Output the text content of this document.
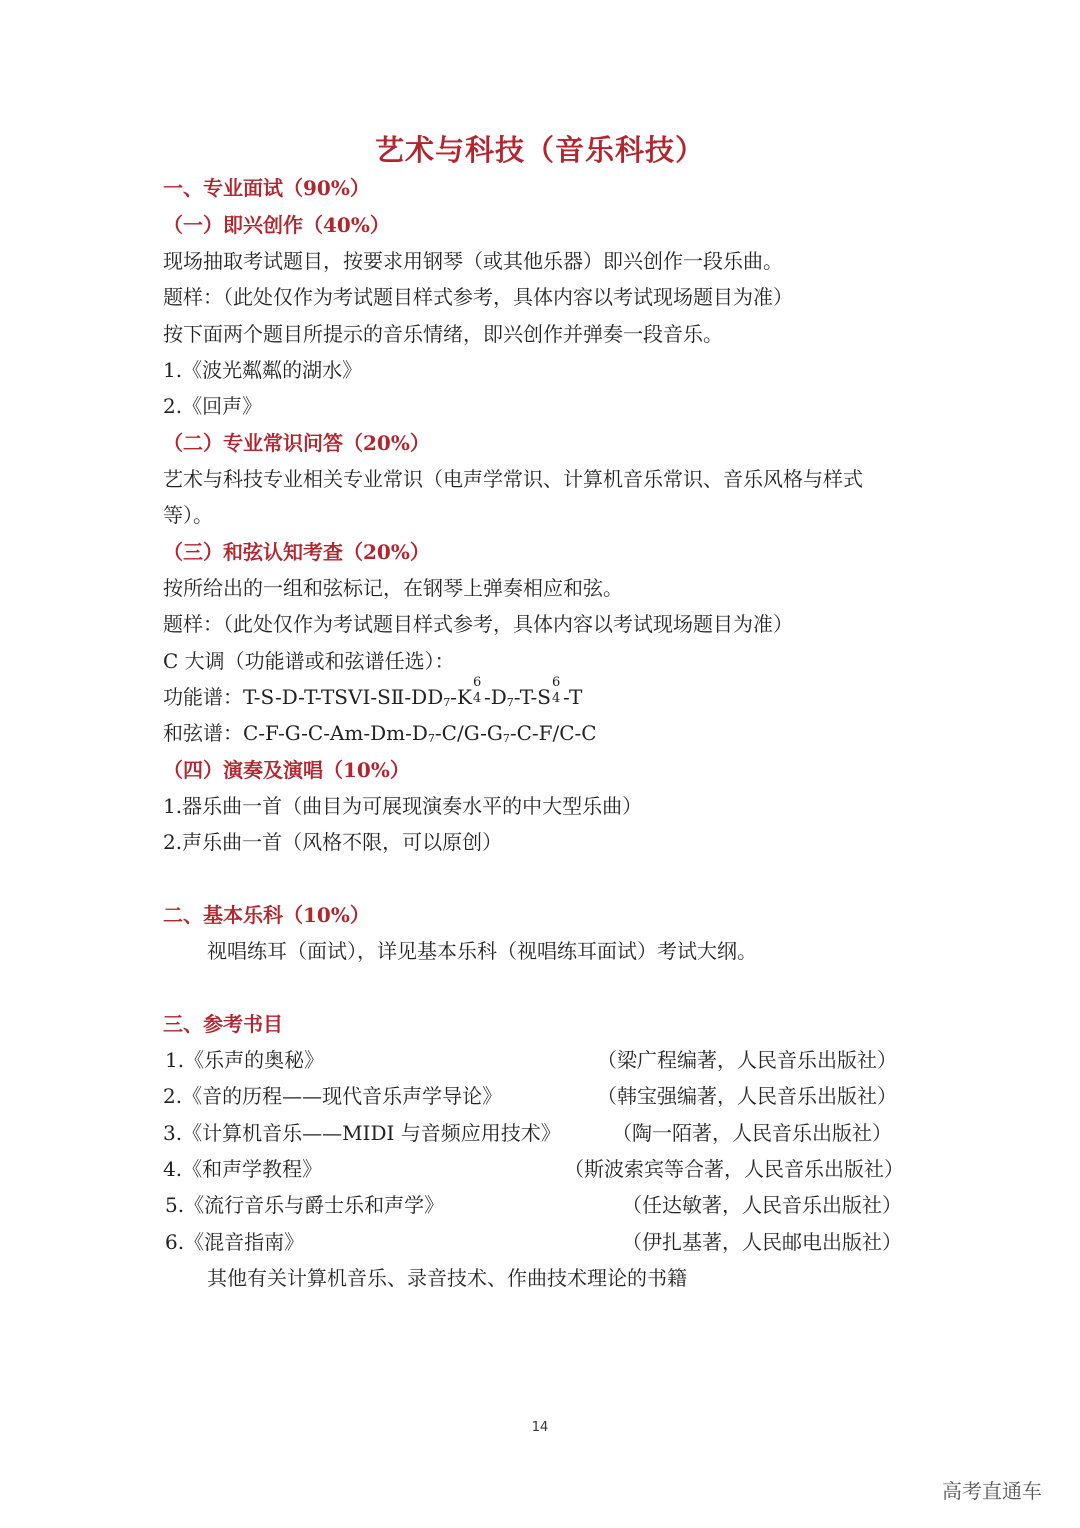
艺术与科技（音乐科技）
一、专业面试（90%）
（一）即兴创作（40%）
现场抽取考试题目，按要求用钢琴（或其他乐器）即兴创作一段乐曲。
题样：（此处仅作为考试题目样式参考，具体内容以考试现场题目为准）
按下面两个题目所提示的音乐情绪，即兴创作并弹奏一段音乐。
1.《波光粼粼的湖水》
2.《回声》
（二）专业常识问答（20%）
艺术与科技专业相关专业常识（电声学常识、计算机音乐常识、音乐风格与样式
等）。
（三）和弦认知考查（20%）
按所给出的一组和弦标记，在钢琴上弹奏相应和弦。
题样：（此处仅作为考试题目样式参考，具体内容以考试现场题目为准）
C 大调（功能谱或和弦谱任选）：
功能谱：T-S-D-T-TSVI-SⅡ-DD7-K
6
4 -D7-T-S
6
4 -T
和弦谱：C-F-G-C-Am-Dm-D7-C/G-G7-C-F/C-C
（四）演奏及演唱（10%）
1.器乐曲一首（曲目为可展现演奏水平的中大型乐曲）
2.声乐曲一首（风格不限，可以原创）
二、基本乐科（10%）
视唱练耳（面试），详见基本乐科（视唱练耳面试）考试大纲。
三、参考书目
1.《乐声的奥秘》	（梁广程编著，人民音乐出版社）
2.《音的历程——现代音乐声学导论》	（韩宝强编著，人民音乐出版社）
3.《计算机音乐——MIDI 与音频应用技术》	（陶一陌著，人民音乐出版社）
4.《和声学教程》	（斯波索宾等合著，人民音乐出版社）
5.《流行音乐与爵士乐和声学》	（任达敏著，人民音乐出版社）
6.《混音指南》	（伊扎基著，人民邮电出版社）
其他有关计算机音乐、录音技术、作曲技术理论的书籍
14
高考直通车
